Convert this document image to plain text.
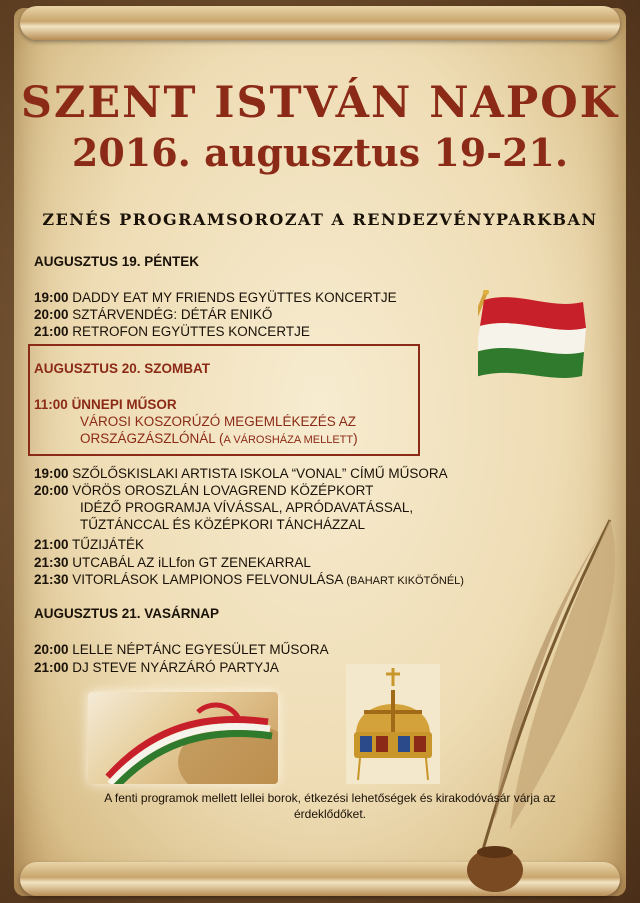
SZENT ISTVÁN NAPOK
2016. augusztus 19-21.
ZENÉS PROGRAMSOROZAT A RENDEZVÉNYPARKBAN
AUGUSZTUS 19. PÉNTEK
19:00 DADDY EAT MY FRIENDS EGYÜTTES KONCERTJE
20:00 SZTÁRVENDÉG: DÉTÁR ENIKŐ
21:00 RETROFON EGYÜTTES KONCERTJE
AUGUSZTUS 20. SZOMBAT
11:00 ÜNNEPI MŰSOR
VÁROSI KOSZORÚZÓ MEGEMLÉKEZÉS AZ
ORSZÁGZÁSZLÓNÁL (A VÁROSHÁZA MELLETT)
19:00 SZŐLŐSKISLAKI ARTISTA ISKOLA “VONAL” CÍMŰ MŰSORA
20:00 VÖRÖS OROSZLÁN LOVAGREND KÖZÉPKORT
IDÉZŐ PROGRAMJA VÍVÁSSAL, APRÓDAVATÁSSAL,
TŰZTÁNCCAL ÉS KÖZÉPKORI TÁNCHÁZZAL
21:00 TŰZIJÁTÉK
21:30 UTCABÁL AZ iLLfon GT ZENEKARRAL
21:30 VITORLÁSOK LAMPIONOS FELVONULÁSA (BAHART KIKÖTŐNÉL)
AUGUSZTUS 21. VASÁRNAP
20:00 LELLE NÉPTÁNC EGYESÜLET MŰSORA
21:00 DJ STEVE NYÁRZÁRÓ PARTYJA
A fenti programok mellett lellei borok, étkezési lehetőségek és kirakodóvásár várja az
érdeklődőket.
